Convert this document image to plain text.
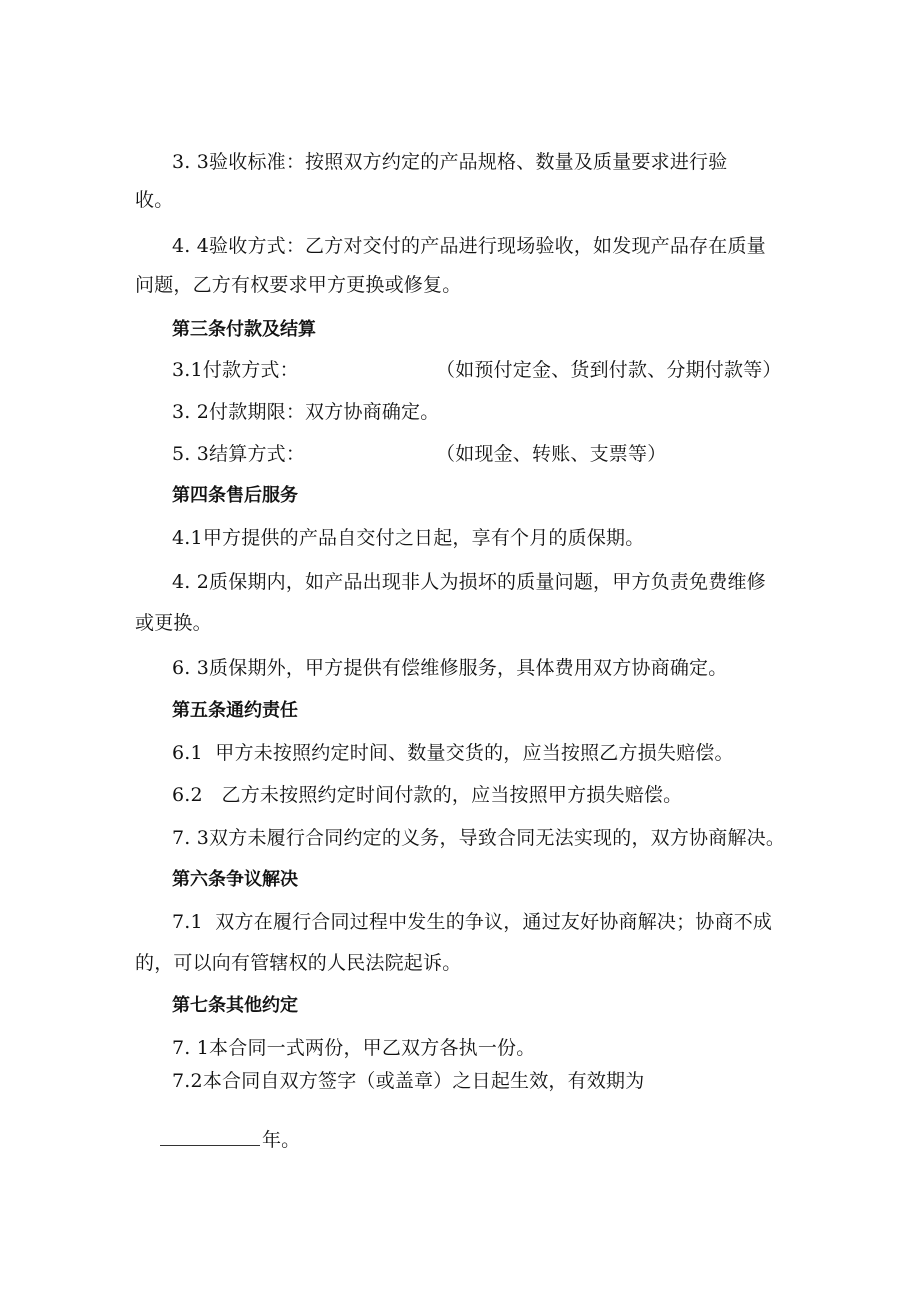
3. 3验收标准：按照双方约定的产品规格、数量及质量要求进行验
收。
4. 4验收方式：乙方对交付的产品进行现场验收，如发现产品存在质量
问题，乙方有权要求甲方更换或修复。
第三条付款及结算
3.1付款方式：	（如预付定金、货到付款、分期付款等）
3. 2付款期限：双方协商确定。
5. 3结算方式：	（如现金、转账、支票等）
第四条售后服务
4.1甲方提供的产品自交付之日起，享有个月的质保期。
4. 2质保期内，如产品出现非人为损坏的质量问题，甲方负责免费维修
或更换。
6. 3质保期外，甲方提供有偿维修服务，具体费用双方协商确定。
第五条通约责任
6.1  甲方未按照约定时间、数量交货的，应当按照乙方损失赔偿。
6.2   乙方未按照约定时间付款的，应当按照甲方损失赔偿。
7. 3双方未履行合同约定的义务，导致合同无法实现的，双方协商解决。
第六条争议解决
7.1  双方在履行合同过程中发生的争议，通过友好协商解决；协商不成
的，可以向有管辖权的人民法院起诉。
第七条其他约定
7. 1本合同一式两份，甲乙双方各执一份。
7.2本合同自双方签字（或盖章）之日起生效，有效期为

年。
